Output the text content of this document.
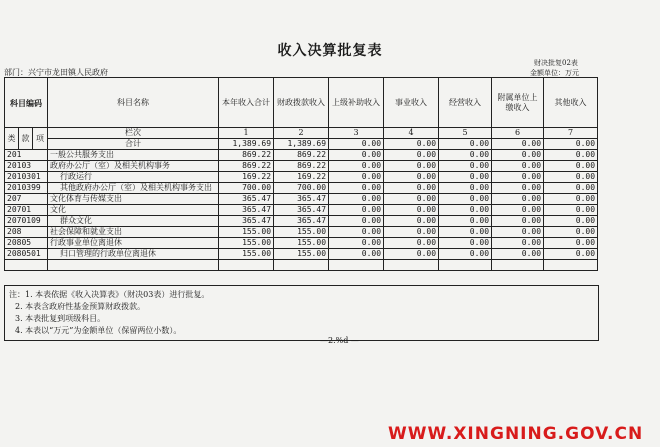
收入决算批复表
财决批复02表
金额单位：万元
部门：兴宁市龙田镇人民政府
科目编码			科目名称	本年收入合计	财政拨款收入	上级补助收入	事业收入	经营收入	附属单位上缴收入	其他收入
类	款	项	栏次	1	2	3	4	5	6	7
			合计	1,389.69	1,389.69	0.00	0.00	0.00	0.00	0.00
201			一般公共服务支出	869.22	869.22	0.00	0.00	0.00	0.00	0.00
20103			政府办公厅（室）及相关机构事务	869.22	869.22	0.00	0.00	0.00	0.00	0.00
2010301			行政运行	169.22	169.22	0.00	0.00	0.00	0.00	0.00
2010399			其他政府办公厅（室）及相关机构事务支出	700.00	700.00	0.00	0.00	0.00	0.00	0.00
207			文化体育与传媒支出	365.47	365.47	0.00	0.00	0.00	0.00	0.00
20701			文化	365.47	365.47	0.00	0.00	0.00	0.00	0.00
2070109			群众文化	365.47	365.47	0.00	0.00	0.00	0.00	0.00
208			社会保障和就业支出	155.00	155.00	0.00	0.00	0.00	0.00	0.00
20805			行政事业单位离退休	155.00	155.00	0.00	0.00	0.00	0.00	0.00
2080501			归口管理的行政单位离退休	155.00	155.00	0.00	0.00	0.00	0.00	0.00

注：1. 本表依据《收入决算表》（财决03表）进行批复。
2. 本表含政府性基金预算财政拨款。
3. 本表批复到项级科目。
4. 本表以“万元”为金额单位（保留两位小数）。
—2.%d —
WWW.XINGNING.GOV.CN
